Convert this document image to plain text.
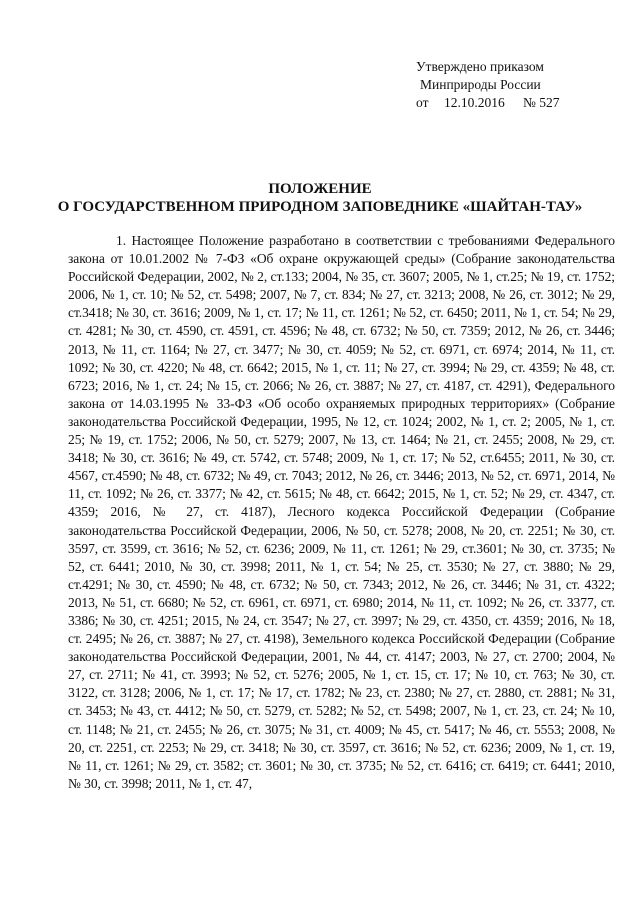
Утверждено приказом
Минприроды России
от 12.10.2016 № 527
ПОЛОЖЕНИЕ
О ГОСУДАРСТВЕННОМ ПРИРОДНОМ ЗАПОВЕДНИКЕ «ШАЙТАН-ТАУ»

1. Настоящее Положение разработано в соответствии с требованиями Федерального закона от 10.01.2002 № 7-ФЗ «Об охране окружающей среды» (Собрание законодательства Российской Федерации, 2002, № 2, ст.133; 2004, № 35, ст. 3607; 2005, № 1, ст.25; № 19, ст. 1752; 2006, № 1, ст. 10; № 52, ст. 5498; 2007, № 7, ст. 834; № 27, ст. 3213; 2008, № 26, ст. 3012; № 29, ст.3418; № 30, ст. 3616; 2009, № 1, ст. 17; № 11, ст. 1261; № 52, ст. 6450; 2011, № 1, ст. 54; № 29, ст. 4281; № 30, ст. 4590, ст. 4591, ст. 4596; № 48, ст. 6732; № 50, ст. 7359; 2012, № 26, ст. 3446; 2013, № 11, ст. 1164; № 27, ст. 3477; № 30, ст. 4059; № 52, ст. 6971, ст. 6974; 2014, № 11, ст. 1092; № 30, ст. 4220; № 48, ст. 6642; 2015, № 1, ст. 11; № 27, ст. 3994; № 29, ст. 4359; № 48, ст. 6723; 2016, № 1, ст. 24; № 15, ст. 2066; № 26, ст. 3887; № 27, ст. 4187, ст. 4291), Федерального закона от 14.03.1995 № 33-ФЗ «Об особо охраняемых природных территориях» (Собрание законодательства Российской Федерации, 1995, № 12, ст. 1024; 2002, № 1, ст. 2; 2005, № 1, ст. 25; № 19, ст. 1752; 2006, № 50, ст. 5279; 2007, № 13, ст. 1464; № 21, ст. 2455; 2008, № 29, ст. 3418; № 30, ст. 3616; № 49, ст. 5742, ст. 5748; 2009, № 1, ст. 17; № 52, ст.6455; 2011, № 30, ст. 4567, ст.4590; № 48, ст. 6732; № 49, ст. 7043; 2012, № 26, ст. 3446; 2013, № 52, ст. 6971, 2014, № 11, ст. 1092; № 26, ст. 3377; № 42, ст. 5615; № 48, ст. 6642; 2015, № 1, ст. 52; № 29, ст. 4347, ст. 4359; 2016, № 27, ст. 4187), Лесного кодекса Российской Федерации (Собрание законодательства Российской Федерации, 2006, № 50, ст. 5278; 2008, № 20, ст. 2251; № 30, ст. 3597, ст. 3599, ст. 3616; № 52, ст. 6236; 2009, № 11, ст. 1261; № 29, ст.3601; № 30, ст. 3735; № 52, ст. 6441; 2010, № 30, ст. 3998; 2011, № 1, ст. 54; № 25, ст. 3530; № 27, ст. 3880; № 29, ст.4291; № 30, ст. 4590; № 48, ст. 6732; № 50, ст. 7343; 2012, № 26, ст. 3446; № 31, ст. 4322; 2013, № 51, ст. 6680; № 52, ст. 6961, ст. 6971, ст. 6980; 2014, № 11, ст. 1092; № 26, ст. 3377, ст. 3386; № 30, ст. 4251; 2015, № 24, ст. 3547; № 27, ст. 3997; № 29, ст. 4350, ст. 4359; 2016, № 18, ст. 2495; № 26, ст. 3887; № 27, ст. 4198), Земельного кодекса Российской Федерации (Собрание законодательства Российской Федерации, 2001, № 44, ст. 4147; 2003, № 27, ст. 2700; 2004, № 27, ст. 2711; № 41, ст. 3993; № 52, ст. 5276; 2005, № 1, ст. 15, ст. 17; № 10, ст. 763; № 30, ст. 3122, ст. 3128; 2006, № 1, ст. 17; № 17, ст. 1782; № 23, ст. 2380; № 27, ст. 2880, ст. 2881; № 31, ст. 3453; № 43, ст. 4412; № 50, ст. 5279, ст. 5282; № 52, ст. 5498; 2007, № 1, ст. 23, ст. 24; № 10, ст. 1148; № 21, ст. 2455; № 26, ст. 3075; № 31, ст. 4009; № 45, ст. 5417; № 46, ст. 5553; 2008, № 20, ст. 2251, ст. 2253; № 29, ст. 3418; № 30, ст. 3597, ст. 3616; № 52, ст. 6236; 2009, № 1, ст. 19, № 11, ст. 1261; № 29, ст. 3582; ст. 3601; № 30, ст. 3735; № 52, ст. 6416; ст. 6419; ст. 6441; 2010, № 30, ст. 3998; 2011, № 1, ст. 47,
